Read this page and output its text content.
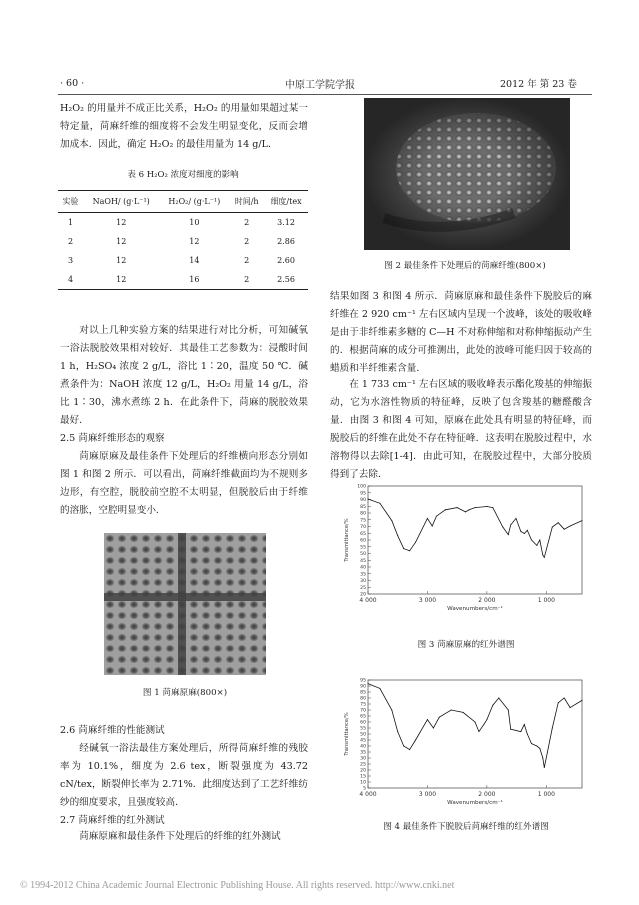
· 60 ·	中原工学院学报	2012 年 第 23 卷
H₂O₂ 的用量并不成正比关系，H₂O₂ 的用量如果超过某一特定量，苘麻纤维的细度将不会发生明显变化，反而会增加成本．因此，确定 H₂O₂ 的最佳用量为 14 g/L．
表 6 H₂O₂ 浓度对细度的影响
实验	NaOH/ (g·L⁻¹)	H₂O₂/ (g·L⁻¹)	时间/h	细度/tex
1	12	10	2	3.12
2	12	12	2	2.86
3	12	14	2	2.60
4	12	16	2	2.56
对以上几种实验方案的结果进行对比分析，可知碱氧一浴法脱胶效果相对较好．其最佳工艺参数为：浸酸时间 1 h，H₂SO₄ 浓度 2 g/L，浴比 1∶20，温度 50 ℃．碱煮条件为：NaOH 浓度 12 g/L，H₂O₂ 用量 14 g/L，浴比 1∶30，沸水煮练 2 h．在此条件下，苘麻的脱胶效果最好．
2.5 苘麻纤维形态的观察
苘麻原麻及最佳条件下处理后的纤维横向形态分别如图 1 和图 2 所示．可以看出，苘麻纤维截面均为不规则多边形，有空腔，脱胶前空腔不太明显，但脱胶后由于纤维的溶胀，空腔明显变小．
图 1 苘麻原麻(800×)
2.6 苘麻纤维的性能测试
经碱氧一浴法最佳方案处理后，所得苘麻纤维的残胶率为 10.1%，细度为 2.6 tex，断裂强度为 43.72 cN/tex，断裂伸长率为 2.71%．此细度达到了工艺纤维纺纱的细度要求，且强度较高．
2.7 苘麻纤维的红外测试
苘麻原麻和最佳条件下处理后的纤维的红外测试
图 2 最佳条件下处理后的苘麻纤维(800×)
结果如图 3 和图 4 所示．苘麻原麻和最佳条件下脱胶后的麻纤维在 2 920 cm⁻¹ 左右区域内呈现一个波峰，该处的吸收峰是由于非纤维素多糖的 C—H 不对称伸缩和对称伸缩振动产生的．根据苘麻的成分可推测出，此处的波峰可能归因于较高的蜡质和半纤维素含量．
在 1 733 cm⁻¹ 左右区域的吸收峰表示酯化羧基的伸缩振动，它为水溶性物质的特征峰，反映了包含羧基的糖醛酸含量．由图 3 和图 4 可知，原麻在此处具有明显的特征峰，而脱胶后的纤维在此处不存在特征峰．这表明在脱胶过程中，水溶物得以去除[1-4]．由此可知，在脱胶过程中，大部分胶质得到了去除．
100
95
90
85
80
75
70
65
60
55
50
45
40
35
30
25
20
4 000	3 000	2 000	1 000
Wavenumbers/cm⁻¹
Transmittance/%
图 3 苘麻原麻的红外谱图
95
90
85
80
75
70
65
60
55
50
45
40
35
30
25
20
15
10
5
4 000	3 000	2 000	1 000
Wavenumbers/cm⁻¹
Transmittance/%
图 4 最佳条件下脱胶后苘麻纤维的红外谱图
© 1994-2012 China Academic Journal Electronic Publishing House. All rights reserved. http://www.cnki.net
